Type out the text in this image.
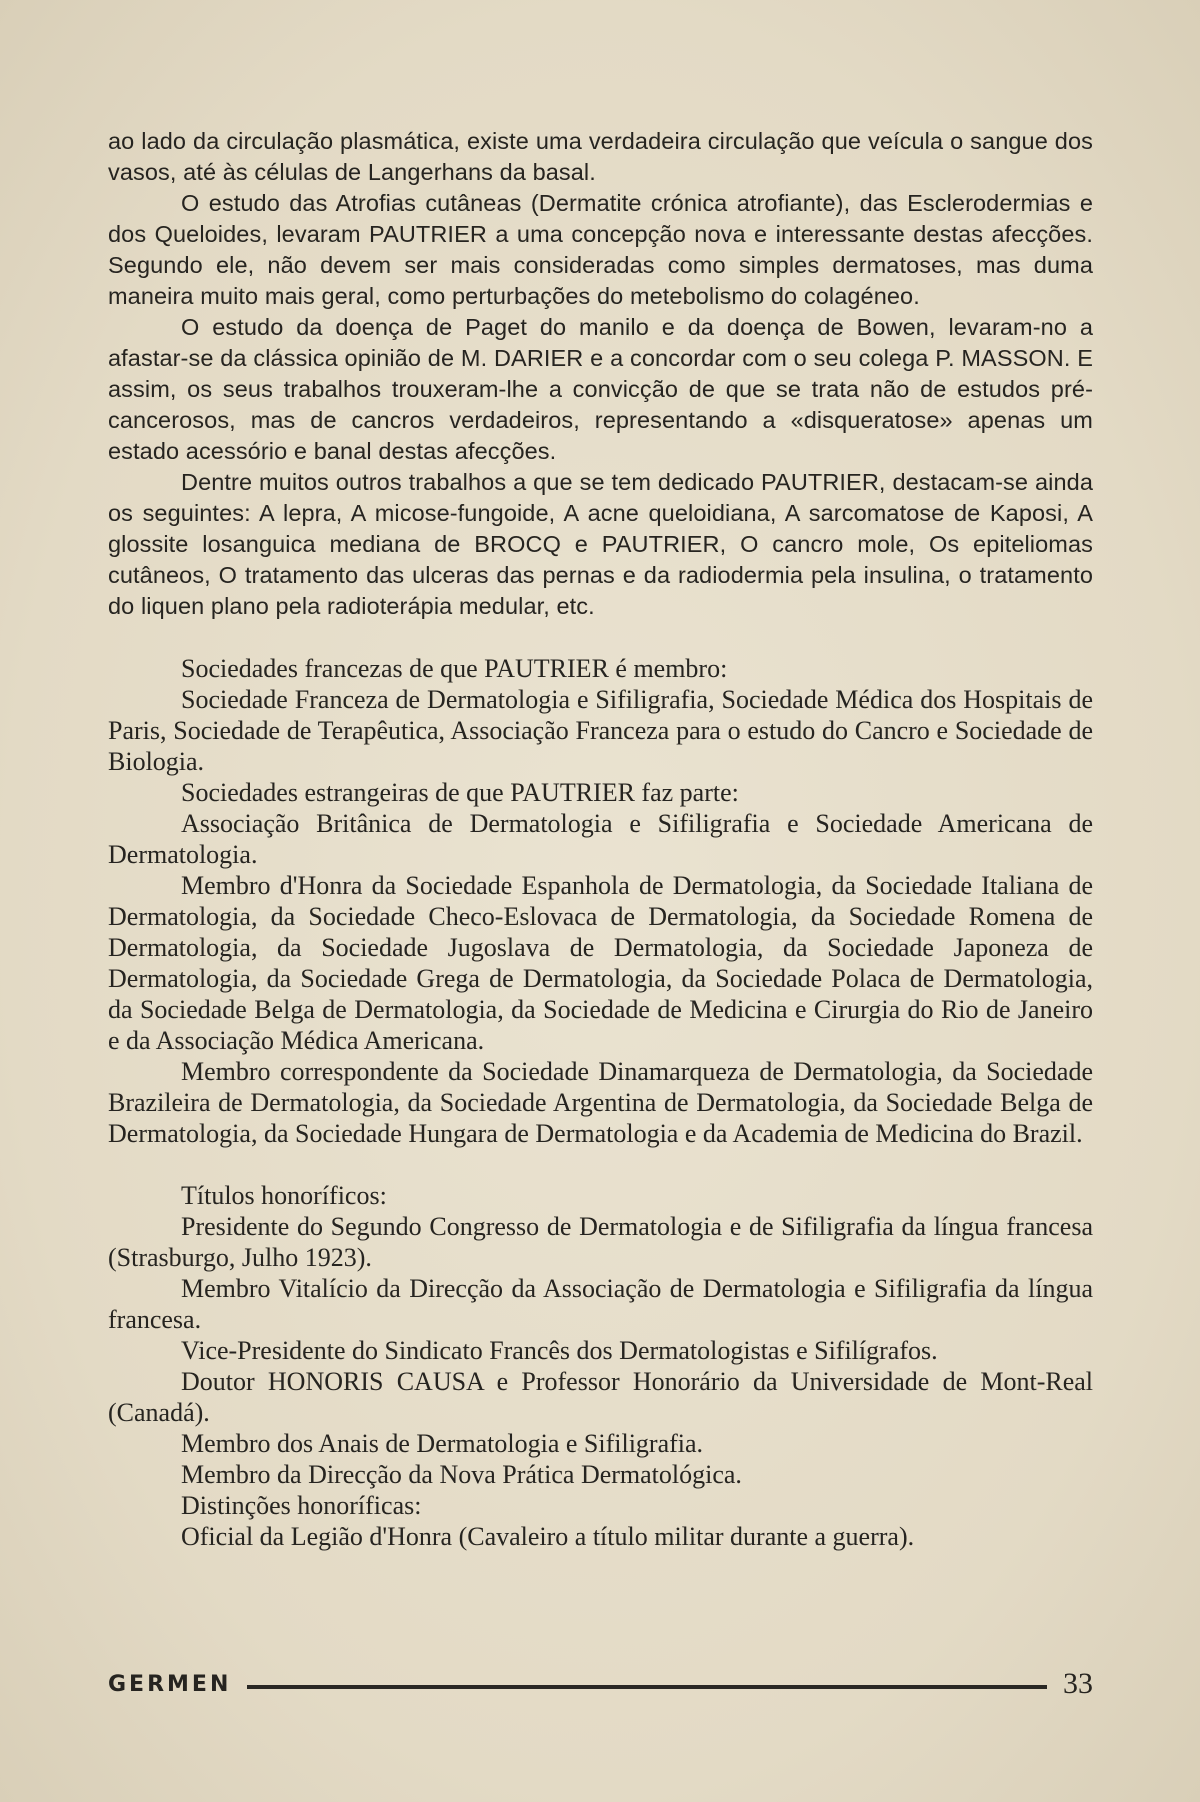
ao lado da circulação plasmática, existe uma verdadeira circulação que veícula o sangue dos vasos, até às células de Langerhans da basal.

O estudo das Atrofias cutâneas (Dermatite crónica atrofiante), das Esclerodermias e dos Queloides, levaram PAUTRIER a uma concepção nova e interessante destas afecções. Segundo ele, não devem ser mais consideradas como simples dermatoses, mas duma maneira muito mais geral, como perturbações do metebolismo do colagéneo.

O estudo da doença de Paget do manilo e da doença de Bowen, levaram-no a afastar-se da clássica opinião de M. DARIER e a concordar com o seu colega P. MASSON. E assim, os seus trabalhos trouxeram-lhe a convicção de que se trata não de estudos pré-cancerosos, mas de cancros verdadeiros, representando a «disqueratose» apenas um estado acessório e banal destas afecções.

Dentre muitos outros trabalhos a que se tem dedicado PAUTRIER, destacam-se ainda os seguintes: A lepra, A micose-fungoide, A acne queloidiana, A sarcomatose de Kaposi, A glossite losanguica mediana de BROCQ e PAUTRIER, O cancro mole, Os epiteliomas cutâneos, O tratamento das ulceras das pernas e da radiodermia pela insulina, o tratamento do liquen plano pela radioterápia medular, etc.

Sociedades francezas de que PAUTRIER é membro:

Sociedade Franceza de Dermatologia e Sifiligrafia, Sociedade Médica dos Hospitais de Paris, Sociedade de Terapêutica, Associação Franceza para o estudo do Cancro e Sociedade de Biologia.

Sociedades estrangeiras de que PAUTRIER faz parte:

Associação Britânica de Dermatologia e Sifiligrafia e Sociedade Americana de Dermatologia.

Membro d'Honra da Sociedade Espanhola de Dermatologia, da Sociedade Italiana de Dermatologia, da Sociedade Checo-Eslovaca de Dermatologia, da Sociedade Romena de Dermatologia, da Sociedade Jugoslava de Dermatologia, da Sociedade Japoneza de Dermatologia, da Sociedade Grega de Dermatologia, da Sociedade Polaca de Dermatologia, da Sociedade Belga de Dermatologia, da Sociedade de Medicina e Cirurgia do Rio de Janeiro e da Associação Médica Americana.

Membro correspondente da Sociedade Dinamarqueza de Dermatologia, da Sociedade Brazileira de Dermatologia, da Sociedade Argentina de Dermatologia, da Sociedade Belga de Dermatologia, da Sociedade Hungara de Dermatologia e da Academia de Medicina do Brazil.

Títulos honoríficos:

Presidente do Segundo Congresso de Dermatologia e de Sifiligrafia da língua francesa (Strasburgo, Julho 1923).

Membro Vitalício da Direcção da Associação de Dermatologia e Sifiligrafia da língua francesa.

Vice-Presidente do Sindicato Francês dos Dermatologistas e Sifilígrafos.

Doutor HONORIS CAUSA e Professor Honorário da Universidade de Mont-Real (Canadá).

Membro dos Anais de Dermatologia e Sifiligrafia.

Membro da Direcção da Nova Prática Dermatológica.

Distinções honoríficas:

Oficial da Legião d'Honra (Cavaleiro a título militar durante a guerra).

GERMEN	33
